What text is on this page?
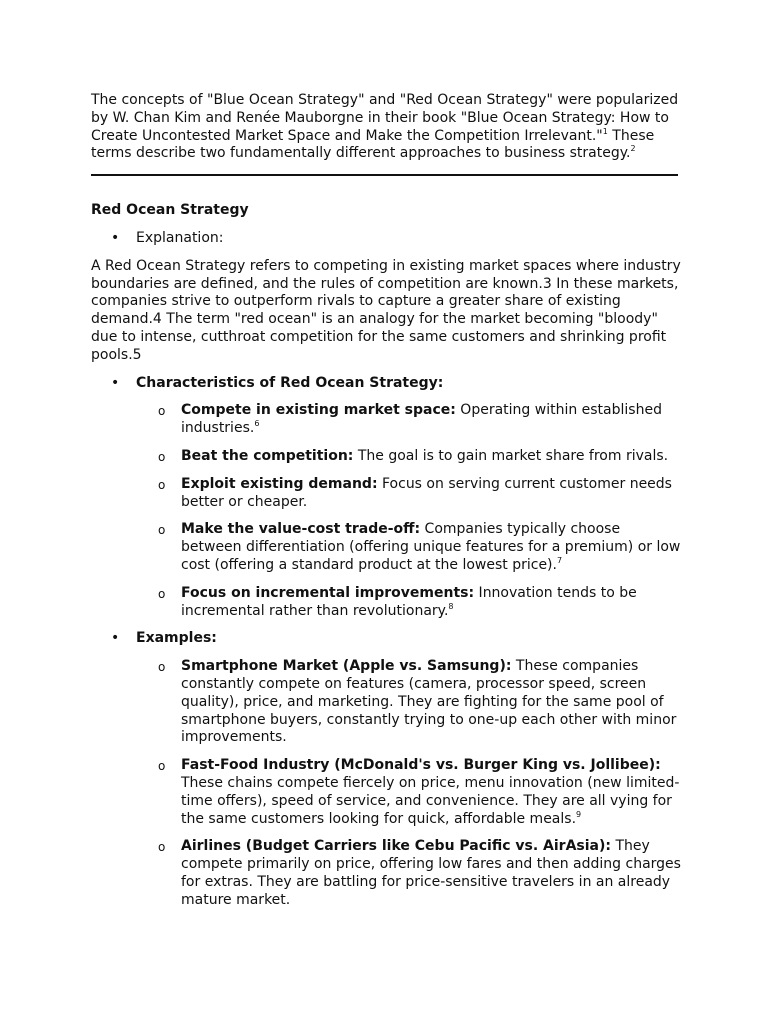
The concepts of "Blue Ocean Strategy" and "Red Ocean Strategy" were popularized by W. Chan Kim and Renée Mauborgne in their book "Blue Ocean Strategy: How to Create Uncontested Market Space and Make the Competition Irrelevant."$^1$ These terms describe two fundamentally different approaches to business strategy.$^2$

Red Ocean Strategy

• Explanation:

A Red Ocean Strategy refers to competing in existing market spaces where industry boundaries are defined, and the rules of competition are known.3 In these markets, companies strive to outperform rivals to capture a greater share of existing demand.4 The term "red ocean" is an analogy for the market becoming "bloody" due to intense, cutthroat competition for the same customers and shrinking profit pools.5

• Characteristics of Red Ocean Strategy:
o Compete in existing market space: Operating within established industries.$^6$
o Beat the competition: The goal is to gain market share from rivals.
o Exploit existing demand: Focus on serving current customer needs better or cheaper.
o Make the value-cost trade-off: Companies typically choose between differentiation (offering unique features for a premium) or low cost (offering a standard product at the lowest price).$^7$
o Focus on incremental improvements: Innovation tends to be incremental rather than revolutionary.$^8$
• Examples:
o Smartphone Market (Apple vs. Samsung): These companies constantly compete on features (camera, processor speed, screen quality), price, and marketing. They are fighting for the same pool of smartphone buyers, constantly trying to one-up each other with minor improvements.
o Fast-Food Industry (McDonald's vs. Burger King vs. Jollibee): These chains compete fiercely on price, menu innovation (new limited-time offers), speed of service, and convenience. They are all vying for the same customers looking for quick, affordable meals.$^9$
o Airlines (Budget Carriers like Cebu Pacific vs. AirAsia): They compete primarily on price, offering low fares and then adding charges for extras. They are battling for price-sensitive travelers in an already mature market.
